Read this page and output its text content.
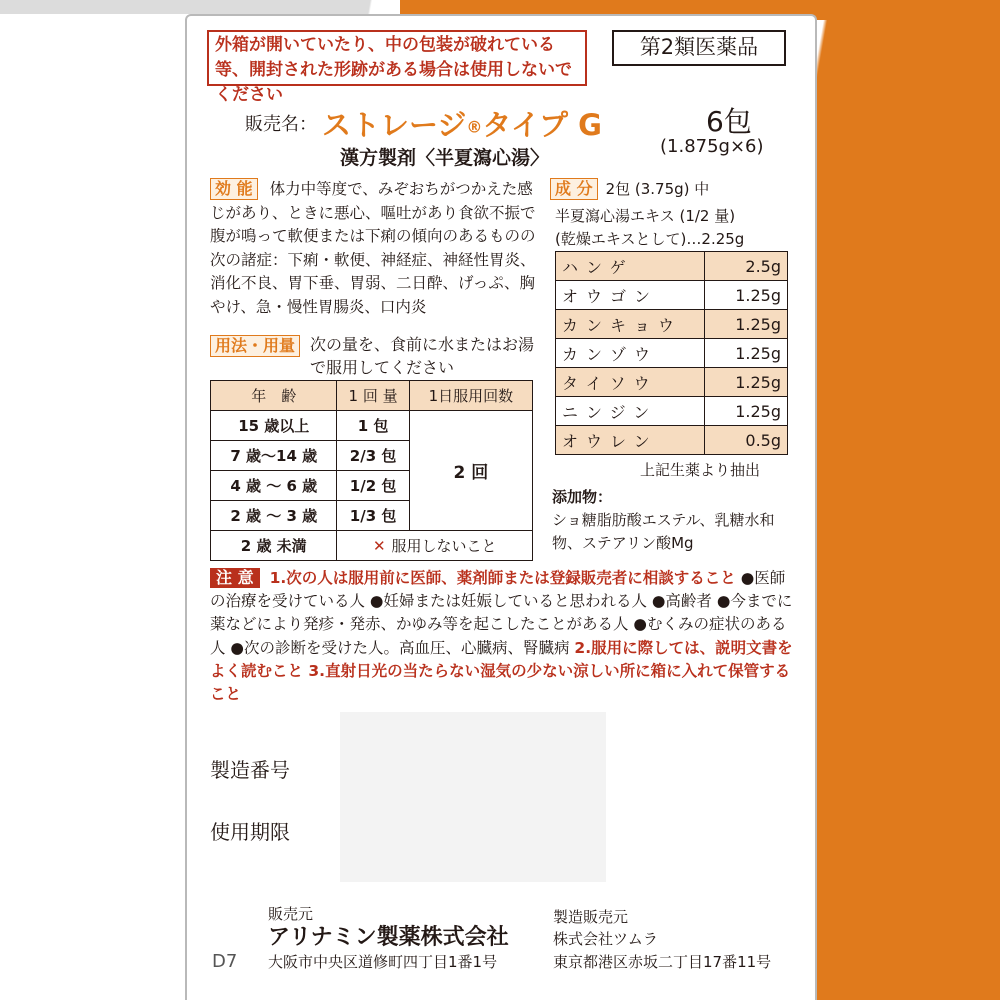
外箱が開いていたり、中の包装が破れている等、開封された形跡がある場合は使用しないでください
第2類医薬品
販売名： ストレージ®タイプ G	6包
(1.875g×6)
漢方製剤〈半夏瀉心湯〉
効 能 体力中等度で、みぞおちがつかえた感じがあり、ときに悪心、嘔吐があり食欲不振で腹が鳴って軟便または下痢の傾向のあるものの次の諸症：下痢・軟便、神経症、神経性胃炎、消化不良、胃下垂、胃弱、二日酔、げっぷ、胸やけ、急・慢性胃腸炎、口内炎
用法・用量 次の量を、食前に水またはお湯で服用してください
年　齢	1 回 量	1日服用回数
15 歳以上	1 包	2 回
7 歳〜14 歳	2/3 包	
4 歳 〜 6 歳	1/2 包	
2 歳 〜 3 歳	1/3 包	
2 歳 未満	✕ 服用しないこと	
成 分 2包 (3.75g) 中
半夏瀉心湯エキス (1/2 量)
(乾燥エキスとして)…2.25g
ハンゲ	2.5g
オウゴン	1.25g
カンキョウ	1.25g
カンゾウ	1.25g
タイソウ	1.25g
ニンジン	1.25g
オウレン	0.5g
上記生薬より抽出
添加物：
ショ糖脂肪酸エステル、乳糖水和物、ステアリン酸Mg
注 意 1.次の人は服用前に医師、薬剤師または登録販売者に相談すること ●医師の治療を受けている人 ●妊婦または妊娠していると思われる人 ●高齢者 ●今までに薬などにより発疹・発赤、かゆみ等を起こしたことがある人 ●むくみの症状のある人 ●次の診断を受けた人。高血圧、心臓病、腎臓病 2.服用に際しては、説明文書をよく読むこと 3.直射日光の当たらない湿気の少ない涼しい所に箱に入れて保管すること
製造番号
使用期限
D7
販売元
アリナミン製薬株式会社
大阪市中央区道修町四丁目1番1号
製造販売元
株式会社ツムラ
東京都港区赤坂二丁目17番11号
